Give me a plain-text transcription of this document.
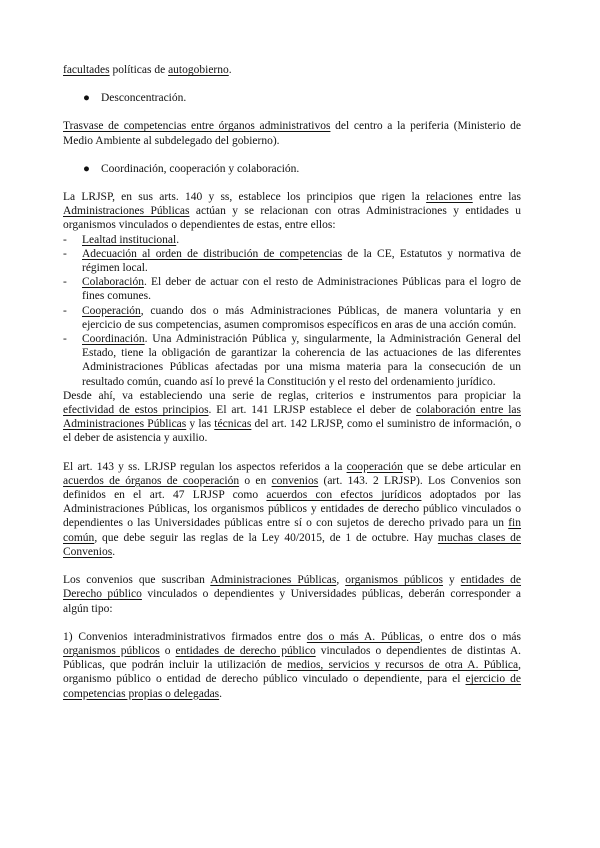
facultades políticas de autogobierno.

● Desconcentración.

Trasvase de competencias entre órganos administrativos del centro a la periferia (Ministerio de Medio Ambiente al subdelegado del gobierno).

● Coordinación, cooperación y colaboración.

La LRJSP, en sus arts. 140 y ss, establece los principios que rigen la relaciones entre las Administraciones Públicas actúan y se relacionan con otras Administraciones y entidades u organismos vinculados o dependientes de estas, entre ellos:

- Lealtad institucional.

- Adecuación al orden de distribución de competencias de la CE, Estatutos y normativa de régimen local.

- Colaboración. El deber de actuar con el resto de Administraciones Públicas para el logro de fines comunes.

- Cooperación, cuando dos o más Administraciones Públicas, de manera voluntaria y en ejercicio de sus competencias, asumen compromisos específicos en aras de una acción común.

- Coordinación. Una Administración Pública y, singularmente, la Administración General del Estado, tiene la obligación de garantizar la coherencia de las actuaciones de las diferentes Administraciones Públicas afectadas por una misma materia para la consecución de un resultado común, cuando así lo prevé la Constitución y el resto del ordenamiento jurídico.

Desde ahí, va estableciendo una serie de reglas, criterios e instrumentos para propiciar la efectividad de estos principios. El art. 141 LRJSP establece el deber de colaboración entre las Administraciones Públicas y las técnicas del art. 142 LRJSP, como el suministro de información, o el deber de asistencia y auxilio.

El art. 143 y ss. LRJSP regulan los aspectos referidos a la cooperación que se debe articular en acuerdos de órganos de cooperación o en convenios (art. 143. 2 LRJSP). Los Convenios son definidos en el art. 47 LRJSP como acuerdos con efectos jurídicos adoptados por las Administraciones Públicas, los organismos públicos y entidades de derecho público vinculados o dependientes o las Universidades públicas entre sí o con sujetos de derecho privado para un fin común, que debe seguir las reglas de la Ley 40/2015, de 1 de octubre. Hay muchas clases de Convenios.

Los convenios que suscriban Administraciones Públicas, organismos públicos y entidades de Derecho público vinculados o dependientes y Universidades públicas, deberán corresponder a algún tipo:

1) Convenios interadministrativos firmados entre dos o más A. Públicas, o entre dos o más organismos públicos o entidades de derecho público vinculados o dependientes de distintas A. Públicas, que podrán incluir la utilización de medios, servicios y recursos de otra A. Pública, organismo público o entidad de derecho público vinculado o dependiente, para el ejercicio de competencias propias o delegadas.
